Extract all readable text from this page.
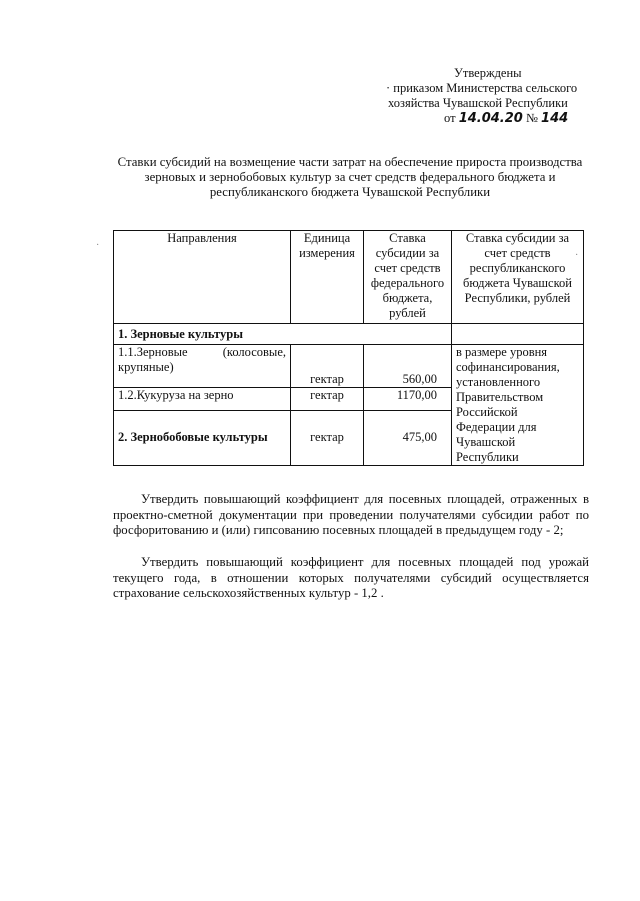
Утверждены
· приказом Министерства сельского
хозяйства Чувашской Республики
от 14.04.20 № 144
Ставки субсидий на возмещение части затрат на обеспечение прироста производства зерновых и зернобобовых культур за счет средств федерального бюджета и республиканского бюджета Чувашской Республики
Направления	Единица измерения	Ставка субсидии за счет средств федерального бюджета, рублей	Ставка субсидии за счет средств республиканского бюджета Чувашской Республики, рублей
1. Зерновые культуры			
1.1.Зерновые (колосовые, крупяные)	гектар	560,00	в размере уровня софинансирования, установленного Правительством Российской Федерации для Чувашской Республики
1.2.Кукуруза на зерно	гектар	1170,00	
2. Зернобобовые культуры	гектар	475,00	
Утвердить повышающий коэффициент для посевных площадей, отраженных в проектно-сметной документации при проведении получателями субсидии работ по фосфоритованию и (или) гипсованию посевных площадей в предыдущем году - 2;
Утвердить повышающий коэффициент для посевных площадей под урожай текущего года, в отношении которых получателями субсидий осуществляется страхование сельскохозяйственных культур - 1,2 .
·
·
